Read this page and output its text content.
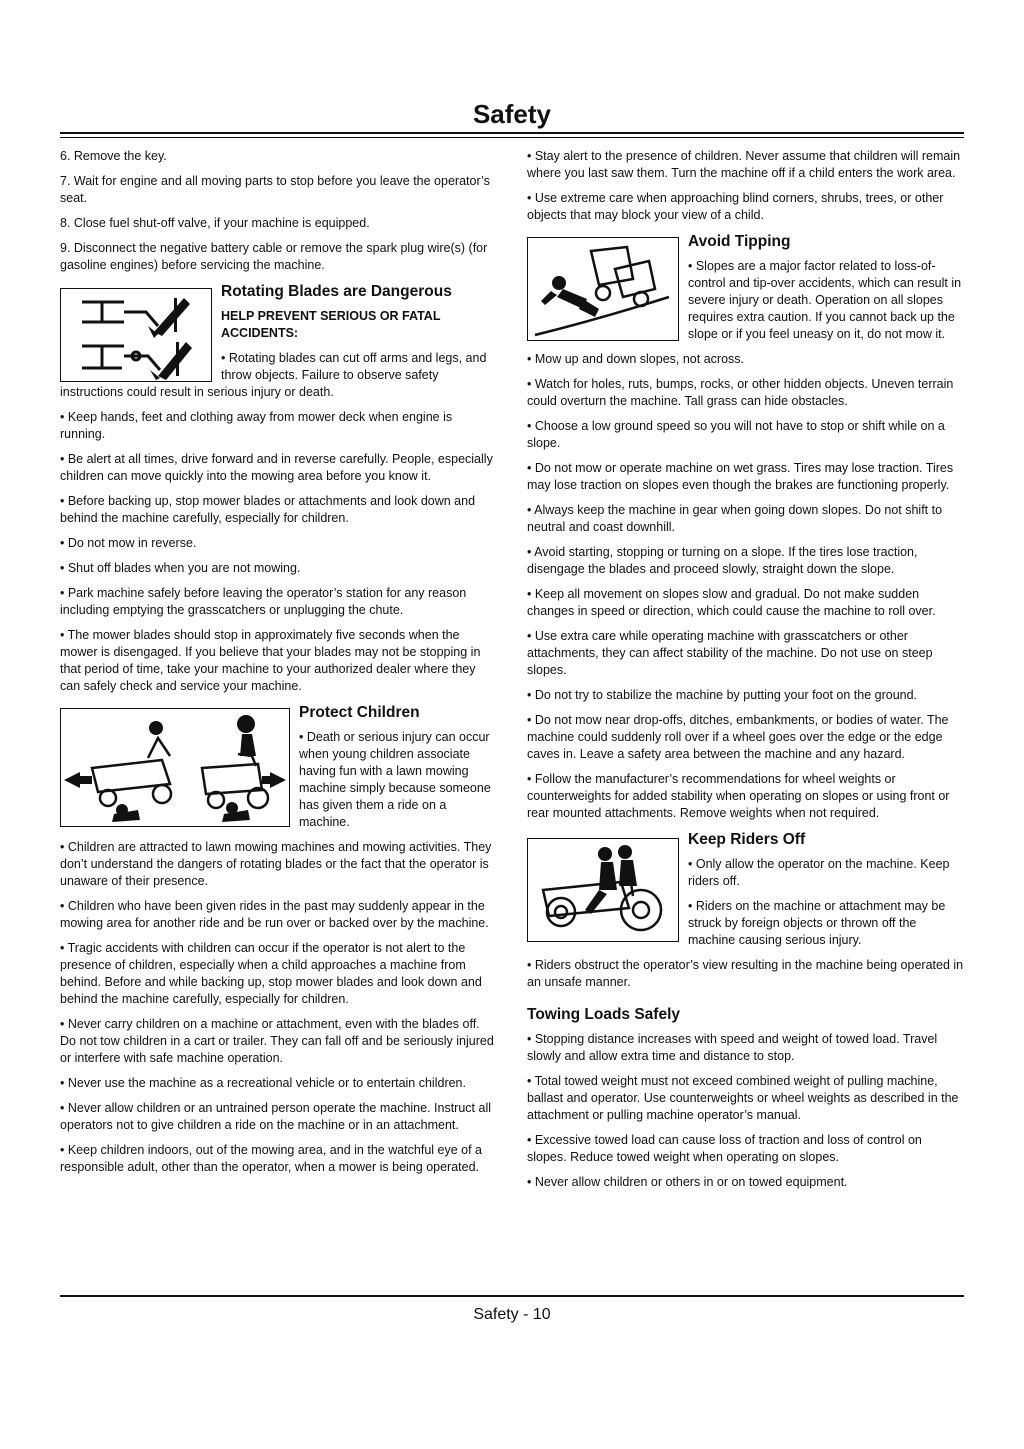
Safety

6. Remove the key.

7. Wait for engine and all moving parts to stop before you leave the operator’s seat.

8. Close fuel shut-off valve, if your machine is equipped.

9. Disconnect the negative battery cable or remove the spark plug wire(s) (for gasoline engines) before servicing the machine.

Rotating Blades are Dangerous

HELP PREVENT SERIOUS OR FATAL ACCIDENTS:

• Rotating blades can cut off arms and legs, and throw objects. Failure to observe safety instructions could result in serious injury or death.

• Keep hands, feet and clothing away from mower deck when engine is running.

• Be alert at all times, drive forward and in reverse carefully. People, especially children can move quickly into the mowing area before you know it.

• Before backing up, stop mower blades or attachments and look down and behind the machine carefully, especially for children.

• Do not mow in reverse.

• Shut off blades when you are not mowing.

• Park machine safely before leaving the operator’s station for any reason including emptying the grasscatchers or unplugging the chute.

• The mower blades should stop in approximately five seconds when the mower is disengaged. If you believe that your blades may not be stopping in that period of time, take your machine to your authorized dealer where they can safely check and service your machine.

Protect Children

• Death or serious injury can occur when young children associate having fun with a lawn mowing machine simply because someone has given them a ride on a machine.

• Children are attracted to lawn mowing machines and mowing activities. They don’t understand the dangers of rotating blades or the fact that the operator is unaware of their presence.

• Children who have been given rides in the past may suddenly appear in the mowing area for another ride and be run over or backed over by the machine.

• Tragic accidents with children can occur if the operator is not alert to the presence of children, especially when a child approaches a machine from behind. Before and while backing up, stop mower blades and look down and behind the machine carefully, especially for children.

• Never carry children on a machine or attachment, even with the blades off. Do not tow children in a cart or trailer. They can fall off and be seriously injured or interfere with safe machine operation.

• Never use the machine as a recreational vehicle or to entertain children.

• Never allow children or an untrained person operate the machine. Instruct all operators not to give children a ride on the machine or in an attachment.

• Keep children indoors, out of the mowing area, and in the watchful eye of a responsible adult, other than the operator, when a mower is being operated.

• Stay alert to the presence of children. Never assume that children will remain where you last saw them. Turn the machine off if a child enters the work area.

• Use extreme care when approaching blind corners, shrubs, trees, or other objects that may block your view of a child.

Avoid Tipping

• Slopes are a major factor related to loss-of-control and tip-over accidents, which can result in severe injury or death. Operation on all slopes requires extra caution. If you cannot back up the slope or if you feel uneasy on it, do not mow it.

• Mow up and down slopes, not across.

• Watch for holes, ruts, bumps, rocks, or other hidden objects. Uneven terrain could overturn the machine. Tall grass can hide obstacles.

• Choose a low ground speed so you will not have to stop or shift while on a slope.

• Do not mow or operate machine on wet grass. Tires may lose traction. Tires may lose traction on slopes even though the brakes are functioning properly.

• Always keep the machine in gear when going down slopes. Do not shift to neutral and coast downhill.

• Avoid starting, stopping or turning on a slope. If the tires lose traction, disengage the blades and proceed slowly, straight down the slope.

• Keep all movement on slopes slow and gradual. Do not make sudden changes in speed or direction, which could cause the machine to roll over.

• Use extra care while operating machine with grasscatchers or other attachments, they can affect stability of the machine. Do not use on steep slopes.

• Do not try to stabilize the machine by putting your foot on the ground.

• Do not mow near drop-offs, ditches, embankments, or bodies of water. The machine could suddenly roll over if a wheel goes over the edge or the edge caves in. Leave a safety area between the machine and any hazard.

• Follow the manufacturer’s recommendations for wheel weights or counterweights for added stability when operating on slopes or using front or rear mounted attachments. Remove weights when not required.

Keep Riders Off

• Only allow the operator on the machine. Keep riders off.

• Riders on the machine or attachment may be struck by foreign objects or thrown off the machine causing serious injury.

• Riders obstruct the operator’s view resulting in the machine being operated in an unsafe manner.

Towing Loads Safely

• Stopping distance increases with speed and weight of towed load. Travel slowly and allow extra time and distance to stop.

• Total towed weight must not exceed combined weight of pulling machine, ballast and operator. Use counterweights or wheel weights as described in the attachment or pulling machine operator’s manual.

• Excessive towed load can cause loss of traction and loss of control on slopes. Reduce towed weight when operating on slopes.

• Never allow children or others in or on towed equipment.

Safety - 10
